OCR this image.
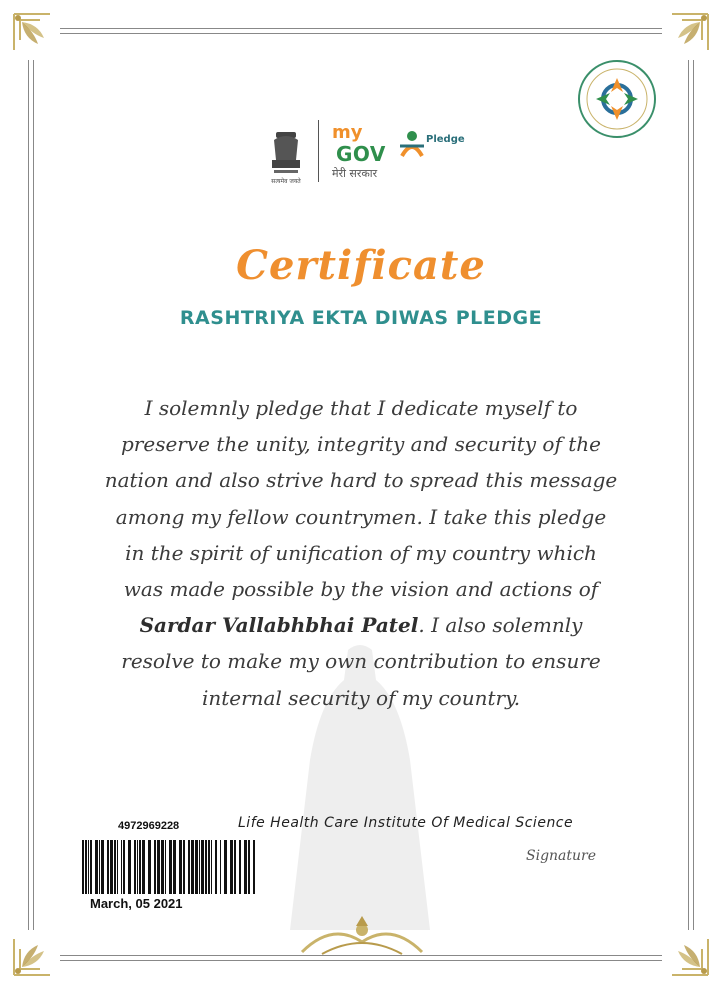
सत्यमेव जयते
my
GOV
Pledge
मेरी सरकार
Certificate
RASHTRIYA EKTA DIWAS PLEDGE
I solemnly pledge that I dedicate myself to
preserve the unity, integrity and security of the
nation and also strive hard to spread this message
among my fellow countrymen. I take this pledge
in the spirit of unification of my country which
was made possible by the vision and actions of
Sardar Vallabhbhai Patel. I also solemnly
resolve to make my own contribution to ensure
internal security of my country.
4972969228
March, 05 2021
Life Health Care Institute Of Medical Science
Signature
